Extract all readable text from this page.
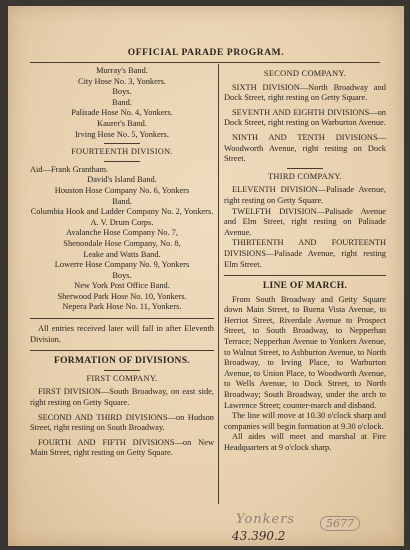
OFFICIAL PARADE PROGRAM.

Murray's Band.

City Hose No. 3, Yonkers.

Boys.

Band.

Palisade Hose No. 4, Yonkers.

Kaurer's Band.

Irving Hose No. 5, Yonkers.

FOURTEENTH DIVISION.

Aid—Frank Grantham.

David's Island Band.

Houston Hose Company No. 6, Yonkers

Band.

Columbia Hook and Ladder Company No. 2, Yonkers.

A. V. Drum Corps.

Avalanche Hose Company No. 7,

Shenondale Hose Company, No. 8,

Leake and Watts Band.

Lowerre Hose Company No. 9, Yonkers

Boys.

New York Post Office Band.

Sherwood Park Hose No. 10, Yonkers.

Nepera Park Hose No. 11, Yonkers.

All entries received later will fall in after Eleventh Division.

FORMATION OF DIVISIONS.

FIRST COMPANY.

FIRST DIVISION—South Broadway, on east side, right resting on Getty Square.

SECOND AND THIRD DIVISIONS—on Hudson Street, right resting on South Broadway.

FOURTH AND FIFTH DIVISIONS—on New Main Street, right resting on Getty Square.

SECOND COMPANY.

SIXTH DIVISION—North Broadway and Dock Street, right resting on Getty Square.

SEVENTH AND EIGHTH DIVISIONS—on Dock Street, right resting on Warburton Avenue.

NINTH AND TENTH DIVISIONS—Woodworth Avenue, right resting on Dock Street.

THIRD COMPANY.

ELEVENTH DIVISION—Palisade Avenue, right resting on Getty Square.

TWELFTH DIVISION—Palisade Avenue and Elm Street, right resting on Palisade Avenue.

THIRTEENTH AND FOURTEENTH DIVISIONS—Palisade Avenue, right resting Elm Street.

LINE OF MARCH.

From South Broadway and Getty Square down Main Street, to Buena Vista Avenue, to Herriot Street, Riverdale Avenue to Prospect Street, to South Broadway, to Nepperhan Terrace; Nepperhan Avenue to Yonkers Avenue, to Walnut Street, to Ashburton Avenue, to North Broadway, to Irving Place, to Warburton Avenue, to Union Place, to Woodworth Avenue, to Wells Avenue, to Dock Street, to North Broadway; South Broadway, under the arch to Lawrence Street; counter-march and disband.

The line will move at 10.30 o'clock sharp and companies will begin formation at 9.30 o'clock.

All aides will meet and marshal at Fire Headquarters at 9 o'clock sharp.

Yonkers	5677
43.390.2
